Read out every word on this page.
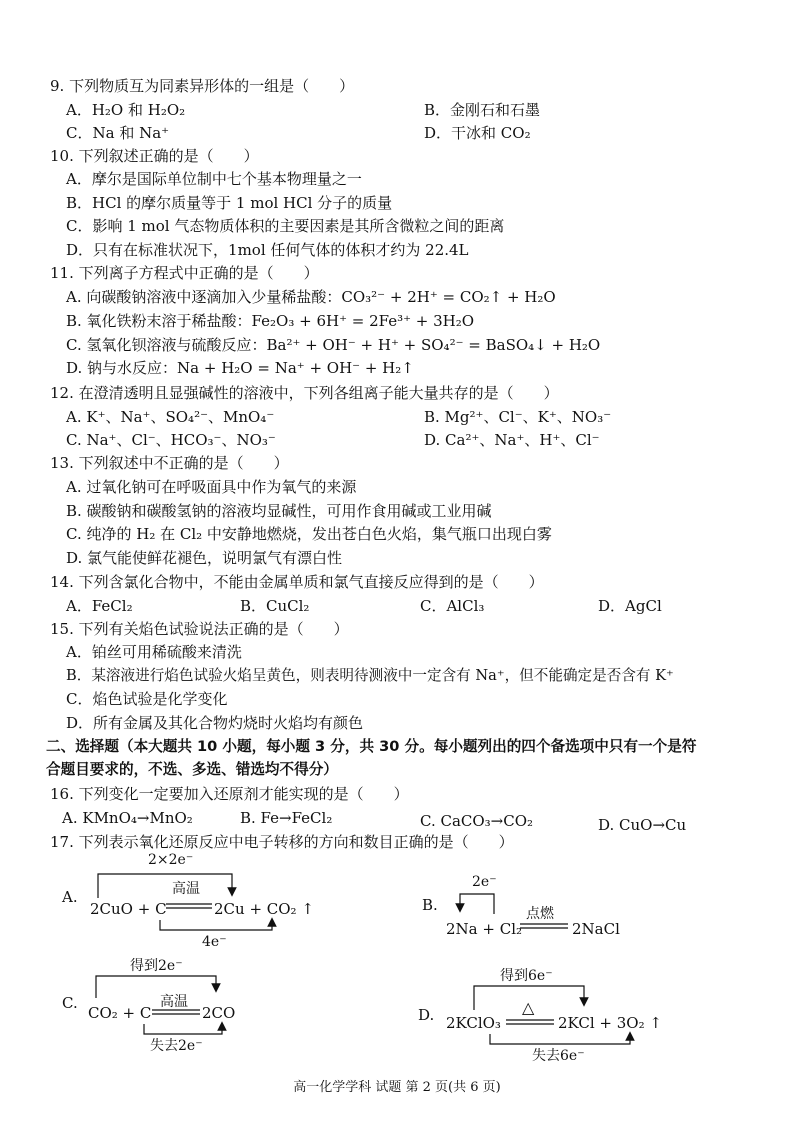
9. 下列物质互为同素异形体的一组是（　　）
A．H₂O 和 H₂O₂	B．金刚石和石墨
C．Na 和 Na⁺	D．干冰和 CO₂
10. 下列叙述正确的是（　　）
A．摩尔是国际单位制中七个基本物理量之一
B．HCl 的摩尔质量等于 1 mol HCl 分子的质量
C．影响 1 mol 气态物质体积的主要因素是其所含微粒之间的距离
D．只有在标准状况下，1mol 任何气体的体积才约为 22.4L
11. 下列离子方程式中正确的是（　　）
A. 向碳酸钠溶液中逐滴加入少量稀盐酸：CO₃²⁻ + 2H⁺ = CO₂↑ + H₂O
B. 氧化铁粉末溶于稀盐酸：Fe₂O₃ + 6H⁺ = 2Fe³⁺ + 3H₂O
C. 氢氧化钡溶液与硫酸反应：Ba²⁺ + OH⁻ + H⁺ + SO₄²⁻ = BaSO₄↓ + H₂O
D. 钠与水反应：Na + H₂O = Na⁺ + OH⁻ + H₂↑
12. 在澄清透明且显强碱性的溶液中，下列各组离子能大量共存的是（　　）
A. K⁺、Na⁺、SO₄²⁻、MnO₄⁻	B. Mg²⁺、Cl⁻、K⁺、NO₃⁻
C. Na⁺、Cl⁻、HCO₃⁻、NO₃⁻	D. Ca²⁺、Na⁺、H⁺、Cl⁻
13. 下列叙述中不正确的是（　　）
A. 过氧化钠可在呼吸面具中作为氧气的来源
B. 碳酸钠和碳酸氢钠的溶液均显碱性，可用作食用碱或工业用碱
C. 纯净的 H₂ 在 Cl₂ 中安静地燃烧，发出苍白色火焰，集气瓶口出现白雾
D. 氯气能使鲜花褪色，说明氯气有漂白性
14. 下列含氯化合物中，不能由金属单质和氯气直接反应得到的是（　　）
A．FeCl₂	B．CuCl₂	C．AlCl₃	D．AgCl
15. 下列有关焰色试验说法正确的是（　　）
A．铂丝可用稀硫酸来清洗
B．某溶液进行焰色试验火焰呈黄色，则表明待测液中一定含有 Na⁺，但不能确定是否含有 K⁺
C．焰色试验是化学变化
D．所有金属及其化合物灼烧时火焰均有颜色
二、选择题（本大题共 10 小题，每小题 3 分，共 30 分。每小题列出的四个备选项中只有一个是符
合题目要求的，不选、多选、错选均不得分）
16. 下列变化一定要加入还原剂才能实现的是（　　）
A. KMnO₄→MnO₂	B. Fe→FeCl₂	C. CaCO₃→CO₂	D. CuO→Cu
17. 下列表示氧化还原反应中电子转移的方向和数目正确的是（　　）
A.
2×2e⁻
高温
2CuO + C	2Cu + CO₂ ↑
4e⁻
B.
2e⁻
点燃
2Na + Cl₂	2NaCl
C.
得到2e⁻
高温
CO₂ + C	2CO
失去2e⁻
D.
得到6e⁻
△
2KClO₃	2KCl + 3O₂ ↑
失去6e⁻
高一化学学科 试题 第 2 页(共 6 页)
